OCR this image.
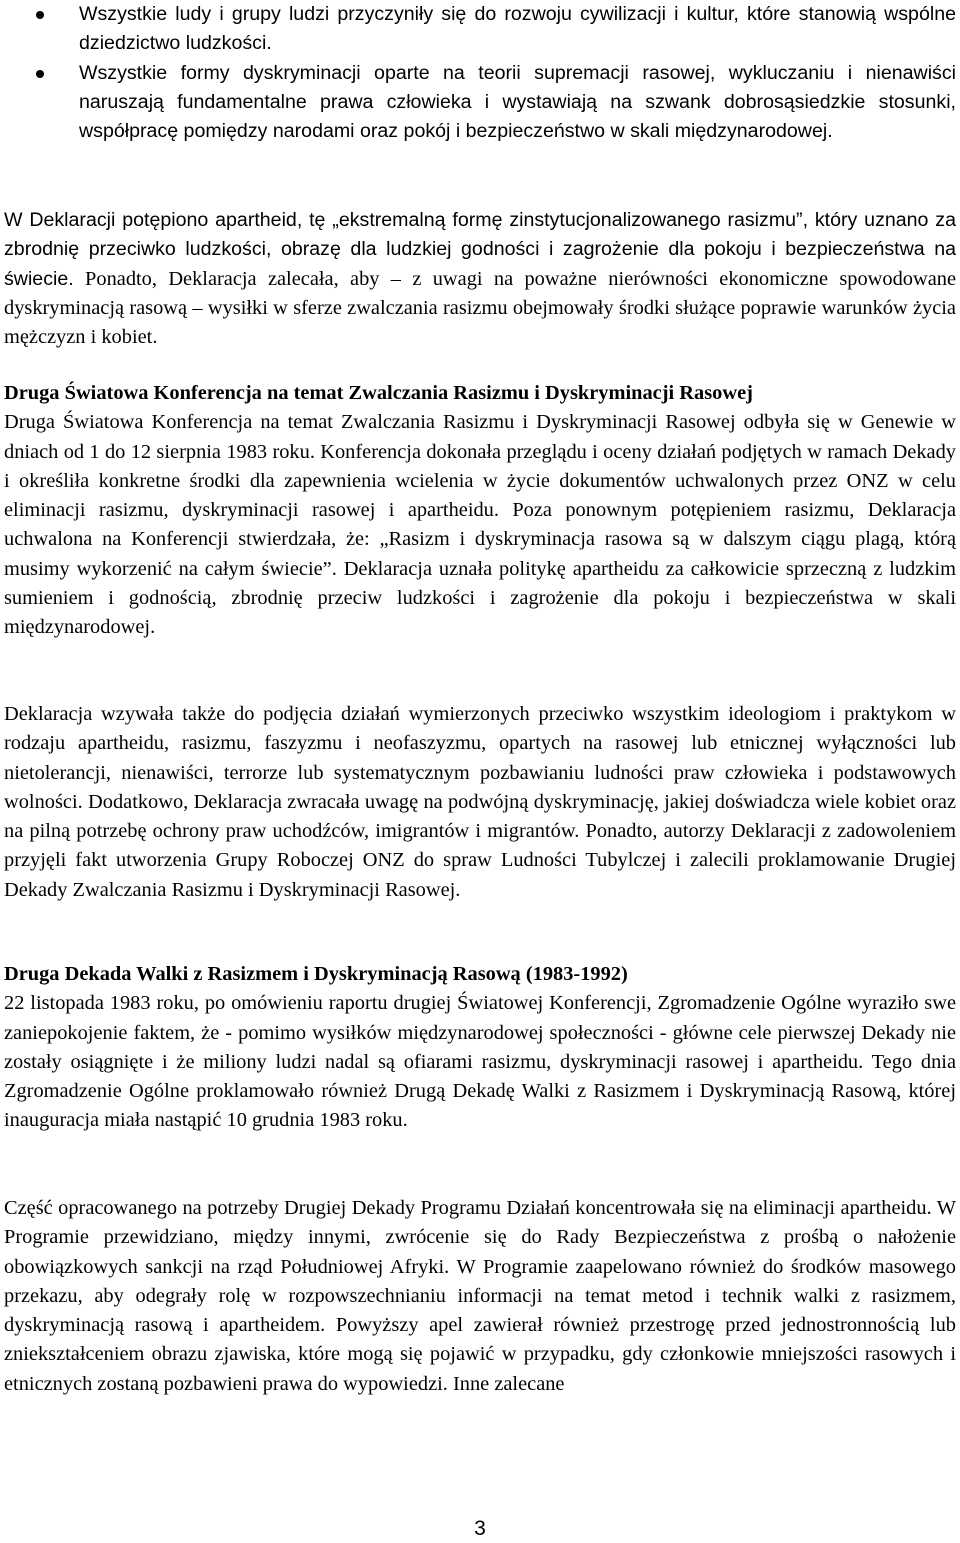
Wszystkie ludy i grupy ludzi przyczyniły się do rozwoju cywilizacji i kultur, które stanowią wspólne dziedzictwo ludzkości.
Wszystkie formy dyskryminacji oparte na teorii supremacji rasowej, wykluczaniu i nienawiści naruszają fundamentalne prawa człowieka i wystawiają na szwank dobrosąsiedzkie stosunki, współpracę pomiędzy narodami oraz pokój i bezpieczeństwo w skali międzynarodowej.

W Deklaracji potępiono apartheid, tę „ekstremalną formę zinstytucjonalizowanego rasizmu”, który uznano za zbrodnię przeciwko ludzkości, obrazę dla ludzkiej godności i zagrożenie dla pokoju i bezpieczeństwa na świecie. Ponadto, Deklaracja zalecała, aby – z uwagi na poważne nierówności ekonomiczne spowodowane dyskryminacją rasową – wysiłki w sferze zwalczania rasizmu obejmowały środki służące poprawie warunków życia mężczyzn i kobiet.

Druga Światowa Konferencja na temat Zwalczania Rasizmu i Dyskryminacji Rasowej
Druga Światowa Konferencja na temat Zwalczania Rasizmu i Dyskryminacji Rasowej odbyła się w Genewie w dniach od 1 do 12 sierpnia 1983 roku. Konferencja dokonała przeglądu i oceny działań podjętych w ramach Dekady i określiła konkretne środki dla zapewnienia wcielenia w życie dokumentów uchwalonych przez ONZ w celu eliminacji rasizmu, dyskryminacji rasowej i apartheidu. Poza ponownym potępieniem rasizmu, Deklaracja uchwalona na Konferencji stwierdzała, że: „Rasizm i dyskryminacja rasowa są w dalszym ciągu plagą, którą musimy wykorzenić na całym świecie”. Deklaracja uznała politykę apartheidu za całkowicie sprzeczną z ludzkim sumieniem i godnością, zbrodnię przeciw ludzkości i zagrożenie dla pokoju i bezpieczeństwa w skali międzynarodowej.

Deklaracja wzywała także do podjęcia działań wymierzonych przeciwko wszystkim ideologiom i praktykom w rodzaju apartheidu, rasizmu, faszyzmu i neofaszyzmu, opartych na rasowej lub etnicznej wyłączności lub nietolerancji, nienawiści, terrorze lub systematycznym pozbawianiu ludności praw człowieka i podstawowych wolności. Dodatkowo, Deklaracja zwracała uwagę na podwójną dyskryminację, jakiej doświadcza wiele kobiet oraz na pilną potrzebę ochrony praw uchodźców, imigrantów i migrantów. Ponadto, autorzy Deklaracji z zadowoleniem przyjęli fakt utworzenia Grupy Roboczej ONZ do spraw Ludności Tubylczej i zalecili proklamowanie Drugiej Dekady Zwalczania Rasizmu i Dyskryminacji Rasowej.

Druga Dekada Walki z Rasizmem i Dyskryminacją Rasową (1983-1992)
22 listopada 1983 roku, po omówieniu raportu drugiej Światowej Konferencji, Zgromadzenie Ogólne wyraziło swe zaniepokojenie faktem, że - pomimo wysiłków międzynarodowej społeczności - główne cele pierwszej Dekady nie zostały osiągnięte i że miliony ludzi nadal są ofiarami rasizmu, dyskryminacji rasowej i apartheidu. Tego dnia Zgromadzenie Ogólne proklamowało również Drugą Dekadę Walki z Rasizmem i Dyskryminacją Rasową, której inauguracja miała nastąpić 10 grudnia 1983 roku.

Część opracowanego na potrzeby Drugiej Dekady Programu Działań koncentrowała się na eliminacji apartheidu. W Programie przewidziano, między innymi, zwrócenie się do Rady Bezpieczeństwa z prośbą o nałożenie obowiązkowych sankcji na rząd Południowej Afryki. W Programie zaapelowano również do środków masowego przekazu, aby odegrały rolę w rozpowszechnianiu informacji na temat metod i technik walki z rasizmem, dyskryminacją rasową i apartheidem. Powyższy apel zawierał również przestrogę przed jednostronnością lub zniekształceniem obrazu zjawiska, które mogą się pojawić w przypadku, gdy członkowie mniejszości rasowych i etnicznych zostaną pozbawieni prawa do wypowiedzi. Inne zalecane

3
